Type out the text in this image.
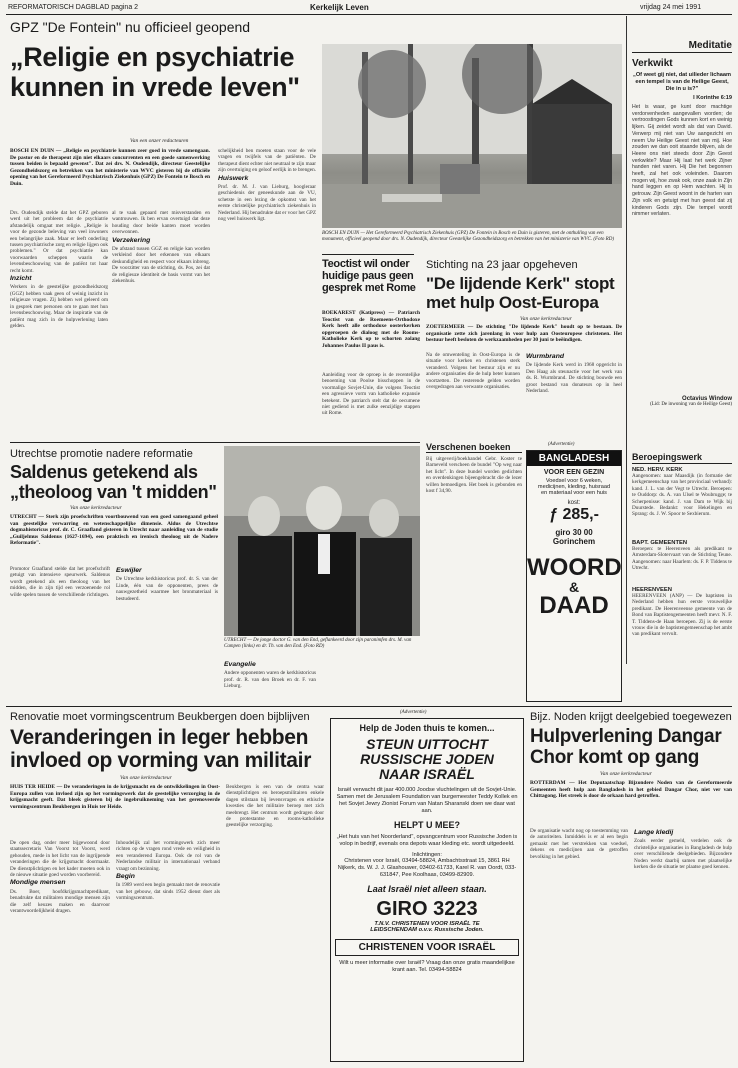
REFORMATORISCH DAGBLAD pagina 2	Kerkelijk Leven	vrijdag 24 mei 1991
GPZ "De Fontein" nu officieel geopend
„Religie en psychiatrie
kunnen in vrede leven"
Van een onzer redacteuren
BOSCH EN DUIN — „Religie en psychiatrie kunnen zeer goed in vrede samengaan. De pastor en de therapeut zijn niet elkaars concurrenten en een goede samenwerking tussen beiden is bepaald gewenst". Dat zei drs. N. Oudendijk, directeur Geestelijke Gezondheidszorg en betrekken van het ministerie van WVC gisteren bij de officiële opening van het Gereformeerd Psychiatrisch Ziekenhuis (GPZ) De Fontein te Bosch en Duin.

Drs. Oudendijk stelde dat het GPZ geboren werd uit het probleem dat de psychiatrie afstandelijk omgaat met religie. „Religie is voor de gezonde beleving van veel inwoners een belangrijke zaak. Maar er leeft onderling tussen psychiatrische zorg en religie lijgen ook problemen." Or dat psychiatrie kan voorwaarden scheppen waarin de levensbeschouwing van de patiënt tot haar recht komt.

Inzicht

Werkers in de geestelijke gezondheidszorg (GGZ) hebben vaak geen of weinig inzicht in religieuze vragen. Zij hebben wel geleerd om in gesprek met personen om te gaan met hun levensbeschouwing. Maar de inspiratie van de patiënt mag zich in de hulpverlening laten gelden.

al te vaak gepaard met misverstanden en wantrouwen. Ik ben ervan overtuigd dat deze houding door beide kanten moet worden overwonnen.

Verzekering

De afstand tussen GGZ en religie kan worden verkleind door het erkennen van elkaars deskundigheid en respect voor elkaars inbreng. De voorzitter van de stichting, ds. Pos, zei dat de religieuze identiteit de basis vormt van het ziekenhuis.

schelijkheid ben moeten staan voor de vele vragen en twijfels van de patiënten. De therapeut dient echter niet neutraal te zijn maar zijn overtuiging en geloof eerlijk in te brengen.

Huiswerk

Prof. dr. M. J. van Lieburg, hoogleraar geschiedenis der geneeskunde aan de VU, schetste in een lezing de opkomst van het eerste christelijke psychiatrisch ziekenhuis in Nederland. Hij benadrukte dat er voor het GPZ nog veel huiswerk ligt.

BOSCH EN DUIN — Het Gereformeerd Psychiatrisch Ziekenhuis (GPZ) De Fontein in Bosch en Duin is gisteren, met de onthulling van een monument, officieel geopend door drs. N. Oudendijk, directeur Geestelijke Gezondheidszorg en betrekken van het ministerie van WVC. (Foto RD)
Teoctist wil onder huidige paus geen gesprek met Rome
BOEKAREST (Katipress) — Patriarch Teoctist van de Roemeens-Orthodoxe Kerk heeft alle orthodoxe oosterkerken opgeroepen de dialoog met de Rooms-Katholieke Kerk op te schorten zolang Johannes Paulus II paus is.
Aanleiding voor de oproep is de recentelijke benoeming van Poolse bisschoppen in de voormalige Sovjet-Unie, die volgens Teoctist een agressieve vorm van katholieke expansie betekent. De patriarch stelt dat de oecumene niet gediend is met zulke eenzijdige stappen uit Rome.
Stichting na 23 jaar opgeheven
"De lijdende Kerk" stopt
met hulp Oost-Europa
Van onze kerkredacteur
ZOETERMEER — De stichting "De lijdende Kerk" houdt op te bestaan. De organisatie zette zich jarenlang in voor hulp aan Oosteuropese christenen. Het bestuur heeft besloten de werkzaamheden per 30 juni te beëindigen.
Na de omwenteling in Oost-Europa is de situatie voor kerken en christenen sterk veranderd. Volgens het bestuur zijn er nu andere organisaties die de hulp beter kunnen voortzetten. De resterende gelden worden overgedragen aan verwante organisaties.
Wurmbrand

De lijdende Kerk werd in 1968 opgericht in Den Haag als steunactie voor het werk van ds. R. Wurmbrand. De stichting bouwde een groot bestand van donateurs op in heel Nederland.

Utrechtse promotie nadere reformatie
Saldenus getekend als
„theoloog van 't midden"
Van onze kerkredacteur
UTRECHT — Sterk zijn proefschriften voortbouwend van een goed samengaand geheel van geestelijke verwarring en wetenschappelijke dimensie. Aldus de Utrechtse dogmahistoricus prof. dr. C. Graafland gisteren in Utrecht naar aanleiding van de studie „Guiljelmus Saldenus (1627-1694), een praktisch en irenisch theoloog uit de Nadere Reformatie".
Promotor Graafland stelde dat het proefschrift getuigt van intensieve speurwerk. Saldenus wordt getekend als een theoloog van het midden, die in zijn tijd een verzoenende rol wilde spelen tussen de verschillende richtingen.
Eswijler

De Utrechtse kerkhistoricus prof. dr. S. van der Linde, één van de opponenten, prees de nauwgezetheid waarmee het bronmateriaal is bestudeerd.

Evangelie

Andere opponenten waren de kerkhistoricus prof. dr. R. van den Broek en dr. F. van Lieburg.

UTRECHT — De jonge doctor G. van den End, geflankeerd door zijn paranimfen drs. M. van Campen (links) en dr. Th. van den End. (Foto RD)
Verschenen boeken
Bij uitgeverij/boekhandel Gebr. Koster te Barneveld verscheen de bundel "Op weg naar het licht". In deze bundel worden gedichten en overdenkingen bijeengebracht die de lezer willen bemoedigen. Het boek is gebonden en kost f 34,90.
(Advertentie)
BANGLADESH
VOOR EEN GEZIN
Voedsel voor 6 weken,
medicijnen, kleding, huisraad
en materiaal voor een huis
kost:
ƒ 285,-
giro 30 00
Gorinchem
WOORD
&
DAAD
Meditatie
Verkwikt
„Of weet gij niet, dat uilieder lichaam een tempel is van de Heilige Geest, Die in u is?"
I Korinthe 6:19
Het is waar, ge kunt door machtige verdorvenheden aangevallen worden; de vertroostingen Gods kunnen kort en weinig lijken. Gij zeidet wordt als dat van David. Verwerp mij niet van Uw aangezicht en neem Uw Heilige Geest niet van mij. Hoe zouden we dan ooit staande blijven, als de Heere ons niet steeds door Zijn Geest verkwikte? Maar Hij laat het werk Zijner handen niet varen. Hij Die het begonnen heeft, zal het ook voleinden. Daarom mogen wij, hoe zwak ook, onze zaak in Zijn hand leggen en op Hem wachten. Hij is getrouw. Zijn Geest woont in de harten van Zijn volk en getuigt met hun geest dat zij kinderen Gods zijn. Die tempel wordt nimmer verlaten.
Octavius Window
(Lid: De inwoning van de Heilige Geest)
Beroepingswerk
NED. HERV. KERK
Aangenomen: naar Maasdijk (in formatie der kerkgemeenschap van het provinciaal verband): kand. J. L. van der Vegt te Utrecht. Beroepen: te Ouddorp: ds. A. van Ulsel te Woubrugge; te Scherpenisse: kand. J. van Dam te Wijk bij Duurstede. Bedankt: voor Hekelingen en Sprang: ds. J. W. Spoor te Sexbierum.
BAPT. GEMEENTEN
Beroepen: te Heerenveen als predikant te Amsterdam-Slotervaart van de Stichting Teune. Aangenomen: naar Haarlem: ds. F. P. Tiddens te Utrecht.
HEERENVEEN
HEERENVEEN (ANP) — De baptisten in Nederland hebben hun eerste vrouwelijke predikant. De Heerenveense gemeente van de Bond van Baptistengemeenten heeft mevr. N. F. T. Tiddens-de Haan beroepen. Zij is de eerste vrouw die in de baptistengemeenschap het ambt van predikant vervult.
Renovatie moet vormingscentrum Beukbergen doen bijblijven
Veranderingen in leger hebben
invloed op vorming van militair
Van onze kerkredacteur
HUIS TER HEIDE — De veranderingen in de krijgsmacht en de ontwikkelingen in Oost-Europa zullen van invloed zijn op het vormingswerk dat de geestelijke verzorging in de krijgsmacht geeft. Dat bleek gisteren bij de ingebruikneming van het gerenoveerde vormingscentrum Beukbergen in Huis ter Heide.

De open dag, onder meer bijgewoond door staatssecretaris Van Voorst tot Voorst, werd gehouden, mede in het licht van de ingrijpende veranderingen die de krijgsmacht doormaakt. De dienstplichtigen en het kader moeten ook in de nieuwe situatie goed worden voorbereid.

Mondige mensen

Ds. Boer, hoofdkrijgsmachtpredikant, benadrukte dat militairen mondige mensen zijn die zelf keuzes maken en daarvoor verantwoordelijkheid dragen.

Inhoudelijk zal het vormingswerk zich meer richten op de vragen rond vrede en veiligheid in een veranderend Europa. Ook de rol van de Nederlandse militair in internationaal verband vraagt om bezinning.

Begin

In 1989 werd een begin gemaakt met de renovatie van het gebouw, dat sinds 1952 dienst doet als vormingscentrum.

Beukbergen is een van de centra waar dienstplichtigen en beroepsmilitairen enkele dagen stilstaan bij levensvragen en ethische kwesties die het militaire beroep met zich meebrengt. Het centrum wordt gedragen door de protestantse en rooms-katholieke geestelijke verzorging.
(Advertentie)
Help de Joden thuis te komen...
STEUN UITTOCHT
RUSSISCHE JODEN
NAAR ISRAËL
Israël verwacht dit jaar 400.000 Joodse vluchtelingen uit de Sovjet-Unie. Samen met de Jerusalem Foundation van burgemeester Teddy Kollek en het Sovjet Jewry Zionist Forum van Natan Sharanski doen we daar wat aan.
HELPT U MEE?
„Het huis van het Noorderland", opvangcentrum voor Russische Joden is volop in bedrijf, evenals ons depots waar kleding etc. wordt uitgedeeld.
Inlichtingen:
Christenen voor Israël, 03494-58824, Ambachtsstraat 15, 3861 RH Nijkerk, ds. W. J. J. Glashouwer, 03402-61733, Karel R. van Oordt, 033-631847, Pee Koolhaas, 03499-82909.
Laat Israël niet alleen staan.
GIRO 3223
T.N.V. CHRISTENEN VOOR ISRAËL TE
LEIDSCHENDAM o.v.v. Russische Joden.
CHRISTENEN VOOR ISRAËL
Wilt u meer informatie over Israël? Vraag dan onze gratis maandelijkse krant aan. Tel. 03494-58824
Bijz. Noden krijgt deelgebied toegewezen
Hulpverlening Dangar
Chor komt op gang
Van onze kerkredacteur
ROTTERDAM — Het Deputaatschap Bijzondere Noden van de Gereformeerde Gemeenten heeft hulp aan Bangladesh in het gebied Dangar Chor, niet ver van Chittagong. Het streek is door de orkaan hard getroffen.
De organisatie wacht nog op toestemming van de autoriteiten. Inmiddels is er al een begin gemaakt met het verstrekken van voedsel, dekens en medicijnen aan de getroffen bevolking in het gebied.
Lange kledij

Zoals eerder gemeld, verdelen ook de christelijke organisaties in Bangladesh de hulp over verschillende deelgebieden. Bijzondere Noden werkt daarbij samen met plaatselijke kerken die de situatie ter plaatse goed kennen.
